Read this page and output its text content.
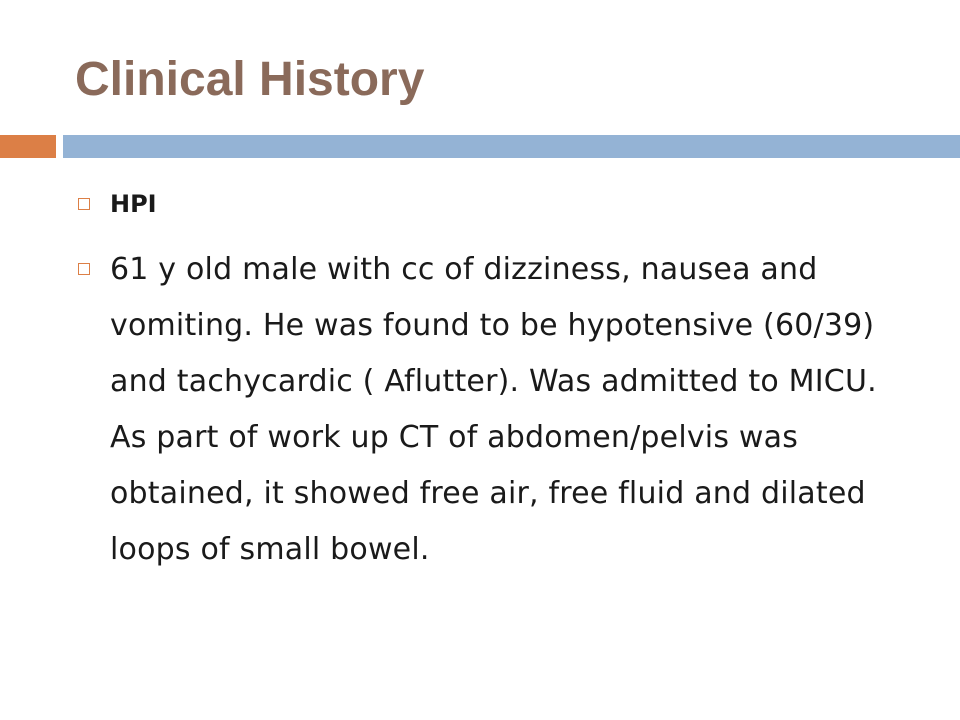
Clinical History
HPI
61 y old male with cc of dizziness, nausea and vomiting. He was found to be hypotensive (60/39) and tachycardic ( Aflutter). Was admitted to MICU. As part of work up CT of abdomen/pelvis was obtained, it showed free air, free fluid and dilated loops of small bowel.
